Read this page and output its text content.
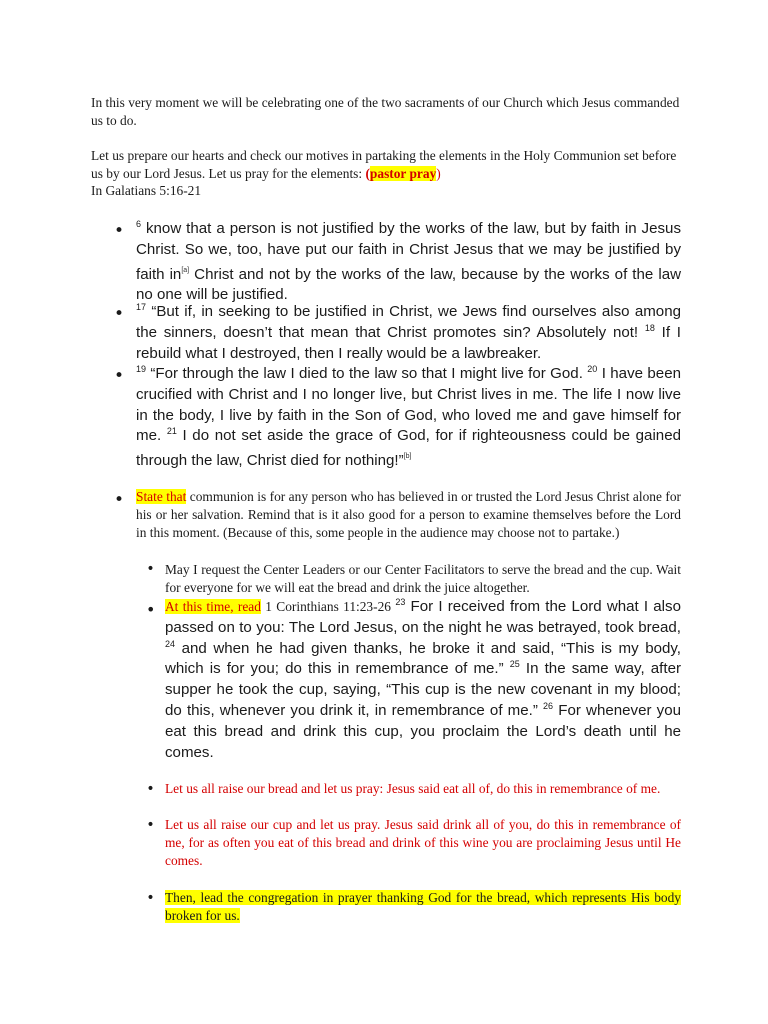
In this very moment we will be celebrating one of the two sacraments of our Church which Jesus commanded us to do.

Let us prepare our hearts and check our motives in partaking the elements in the Holy Communion set before us by our Lord Jesus. Let us pray for the elements: (pastor pray)
In Galatians 5:16-21

• $^6$ know that a person is not justified by the works of the law, but by faith in Jesus Christ. So we, too, have put our faith in Christ Jesus that we may be justified by faith in[a] Christ and not by the works of the law, because by the works of the law no one will be justified.

• $^{17}$ “But if, in seeking to be justified in Christ, we Jews find ourselves also among the sinners, doesn’t that mean that Christ promotes sin? Absolutely not! $^{18}$ If I rebuild what I destroyed, then I really would be a lawbreaker.

• $^{19}$ “For through the law I died to the law so that I might live for God. $^{20}$ I have been crucified with Christ and I no longer live, but Christ lives in me. The life I now live in the body, I live by faith in the Son of God, who loved me and gave himself for me. $^{21}$ I do not set aside the grace of God, for if righteousness could be gained through the law, Christ died for nothing!”[b]

• State that communion is for any person who has believed in or trusted the Lord Jesus Christ alone for his or her salvation. Remind that is it also good for a person to examine themselves before the Lord in this moment. (Because of this, some people in the audience may choose not to partake.)

• May I request the Center Leaders or our Center Facilitators to serve the bread and the cup. Wait for everyone for we will eat the bread and drink the juice altogether.

• At this time, read 1 Corinthians 11:23-26 $^{23}$ For I received from the Lord what I also passed on to you: The Lord Jesus, on the night he was betrayed, took bread, $^{24}$ and when he had given thanks, he broke it and said, “This is my body, which is for you; do this in remembrance of me.” $^{25}$ In the same way, after supper he took the cup, saying, “This cup is the new covenant in my blood; do this, whenever you drink it, in remembrance of me.” $^{26}$ For whenever you eat this bread and drink this cup, you proclaim the Lord’s death until he comes.

• Let us all raise our bread and let us pray: Jesus said eat all of, do this in remembrance of me.

• Let us all raise our cup and let us pray. Jesus said drink all of you, do this in remembrance of me, for as often you eat of this bread and drink of this wine you are proclaiming Jesus until He comes.

• Then, lead the congregation in prayer thanking God for the bread, which represents His body broken for us.
